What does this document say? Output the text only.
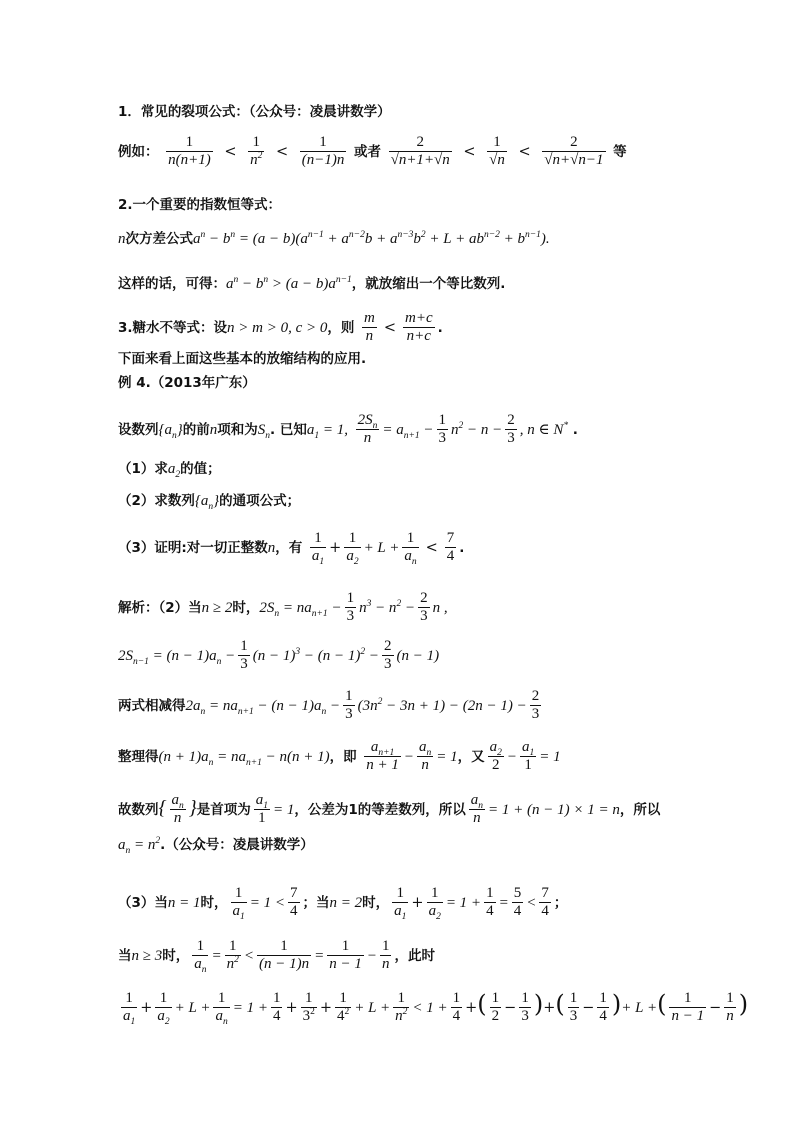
1．常见的裂项公式：（公众号：凌晨讲数学）
例如： $\frac{1}{n(n+1)} < \frac{1}{n^2} < \frac{1}{(n-1)n}$ 或者 $\frac{2}{√n+1+√n} < \frac{1}{√n} < \frac{2}{√n+√n-1}$ 等
2.一个重要的指数恒等式：
n次方差公式$a^n - b^n = (a - b)(a^{n-1} + a^{n-2}b + a^{n-3}b^2 + L + ab^{n-2} + b^{n-1})$.
这样的话，可得：$a^n - b^n > (a - b)a^{n-1}$，就放缩出一个等比数列.
3.糖水不等式：设n > m > 0, c > 0，则 $\frac{m}{n} < \frac{m+c}{n+c}$ .
下面来看上面这些基本的放缩结构的应用.
例 4.（2013年广东）
设数列$\{a_n\}$的前n项和为$S_n$. 已知$a_1 = 1$, $\frac{2S_n}{n} = a_{n+1} - \frac{1}{3} n^2 - n - \frac{2}{3}$ , n ∈ N* .
（1）求$a_2$的值；
（2）求数列$\{a_n\}$的通项公式；
（3）证明:对一切正整数n，有 $\frac{1}{a_1} + \frac{1}{a_2} + L + \frac{1}{a_n} < \frac{7}{4}$ .
解析：（2）当n ≥ 2时，$2S_n = na_{n+1} - \frac{1}{3} n^3 - n^2 - \frac{2}{3}$ n ,
$2S_{n-1} = (n - 1)a_n - \frac{1}{3} (n - 1)^3 - (n - 1)^2 - \frac{2}{3} (n - 1)$
两式相减得$2a_n = na_{n+1} - (n - 1)a_n - \frac{1}{3} (3n^2 - 3n + 1) - (2n - 1) - \frac{2}{3}$
整理得$(n + 1)a_n = na_{n+1} - n(n + 1)$，即 $\frac{a_{n+1}}{n + 1} - \frac{a_n}{n} = 1$，又 $\frac{a_2}{2} - \frac{a_1}{1} = 1$
故数列{ $\frac{a_n}{n}$ }是首项为 $\frac{a_1}{1} = 1$，公差为1的等差数列，所以 $\frac{a_n}{n} = 1 + (n - 1) \times 1 = n$，所以
$a_n = n^2$.（公众号：凌晨讲数学）
（3）当n = 1时， $\frac{1}{a_1} = 1 < \frac{7}{4}$ ；当n = 2时， $\frac{1}{a_1} + \frac{1}{a_2} = 1 + \frac{1}{4} = \frac{5}{4} < \frac{7}{4}$ ；
当n ≥ 3时， $\frac{1}{a_n} = \frac{1}{n^2} < \frac{1}{(n - 1)n} = \frac{1}{n - 1} - \frac{1}{n}$ ，此时
$\frac{1}{a_1} + \frac{1}{a_2} + L + \frac{1}{a_n} = 1 + \frac{1}{4} + \frac{1}{3^2} + \frac{1}{4^2} + L + \frac{1}{n^2} < 1 + \frac{1}{4}$ +( $\frac{1}{2} - \frac{1}{3}$ )+( $\frac{1}{3} - \frac{1}{4}$ )+ L +( $\frac{1}{n - 1} - \frac{1}{n}$ )
